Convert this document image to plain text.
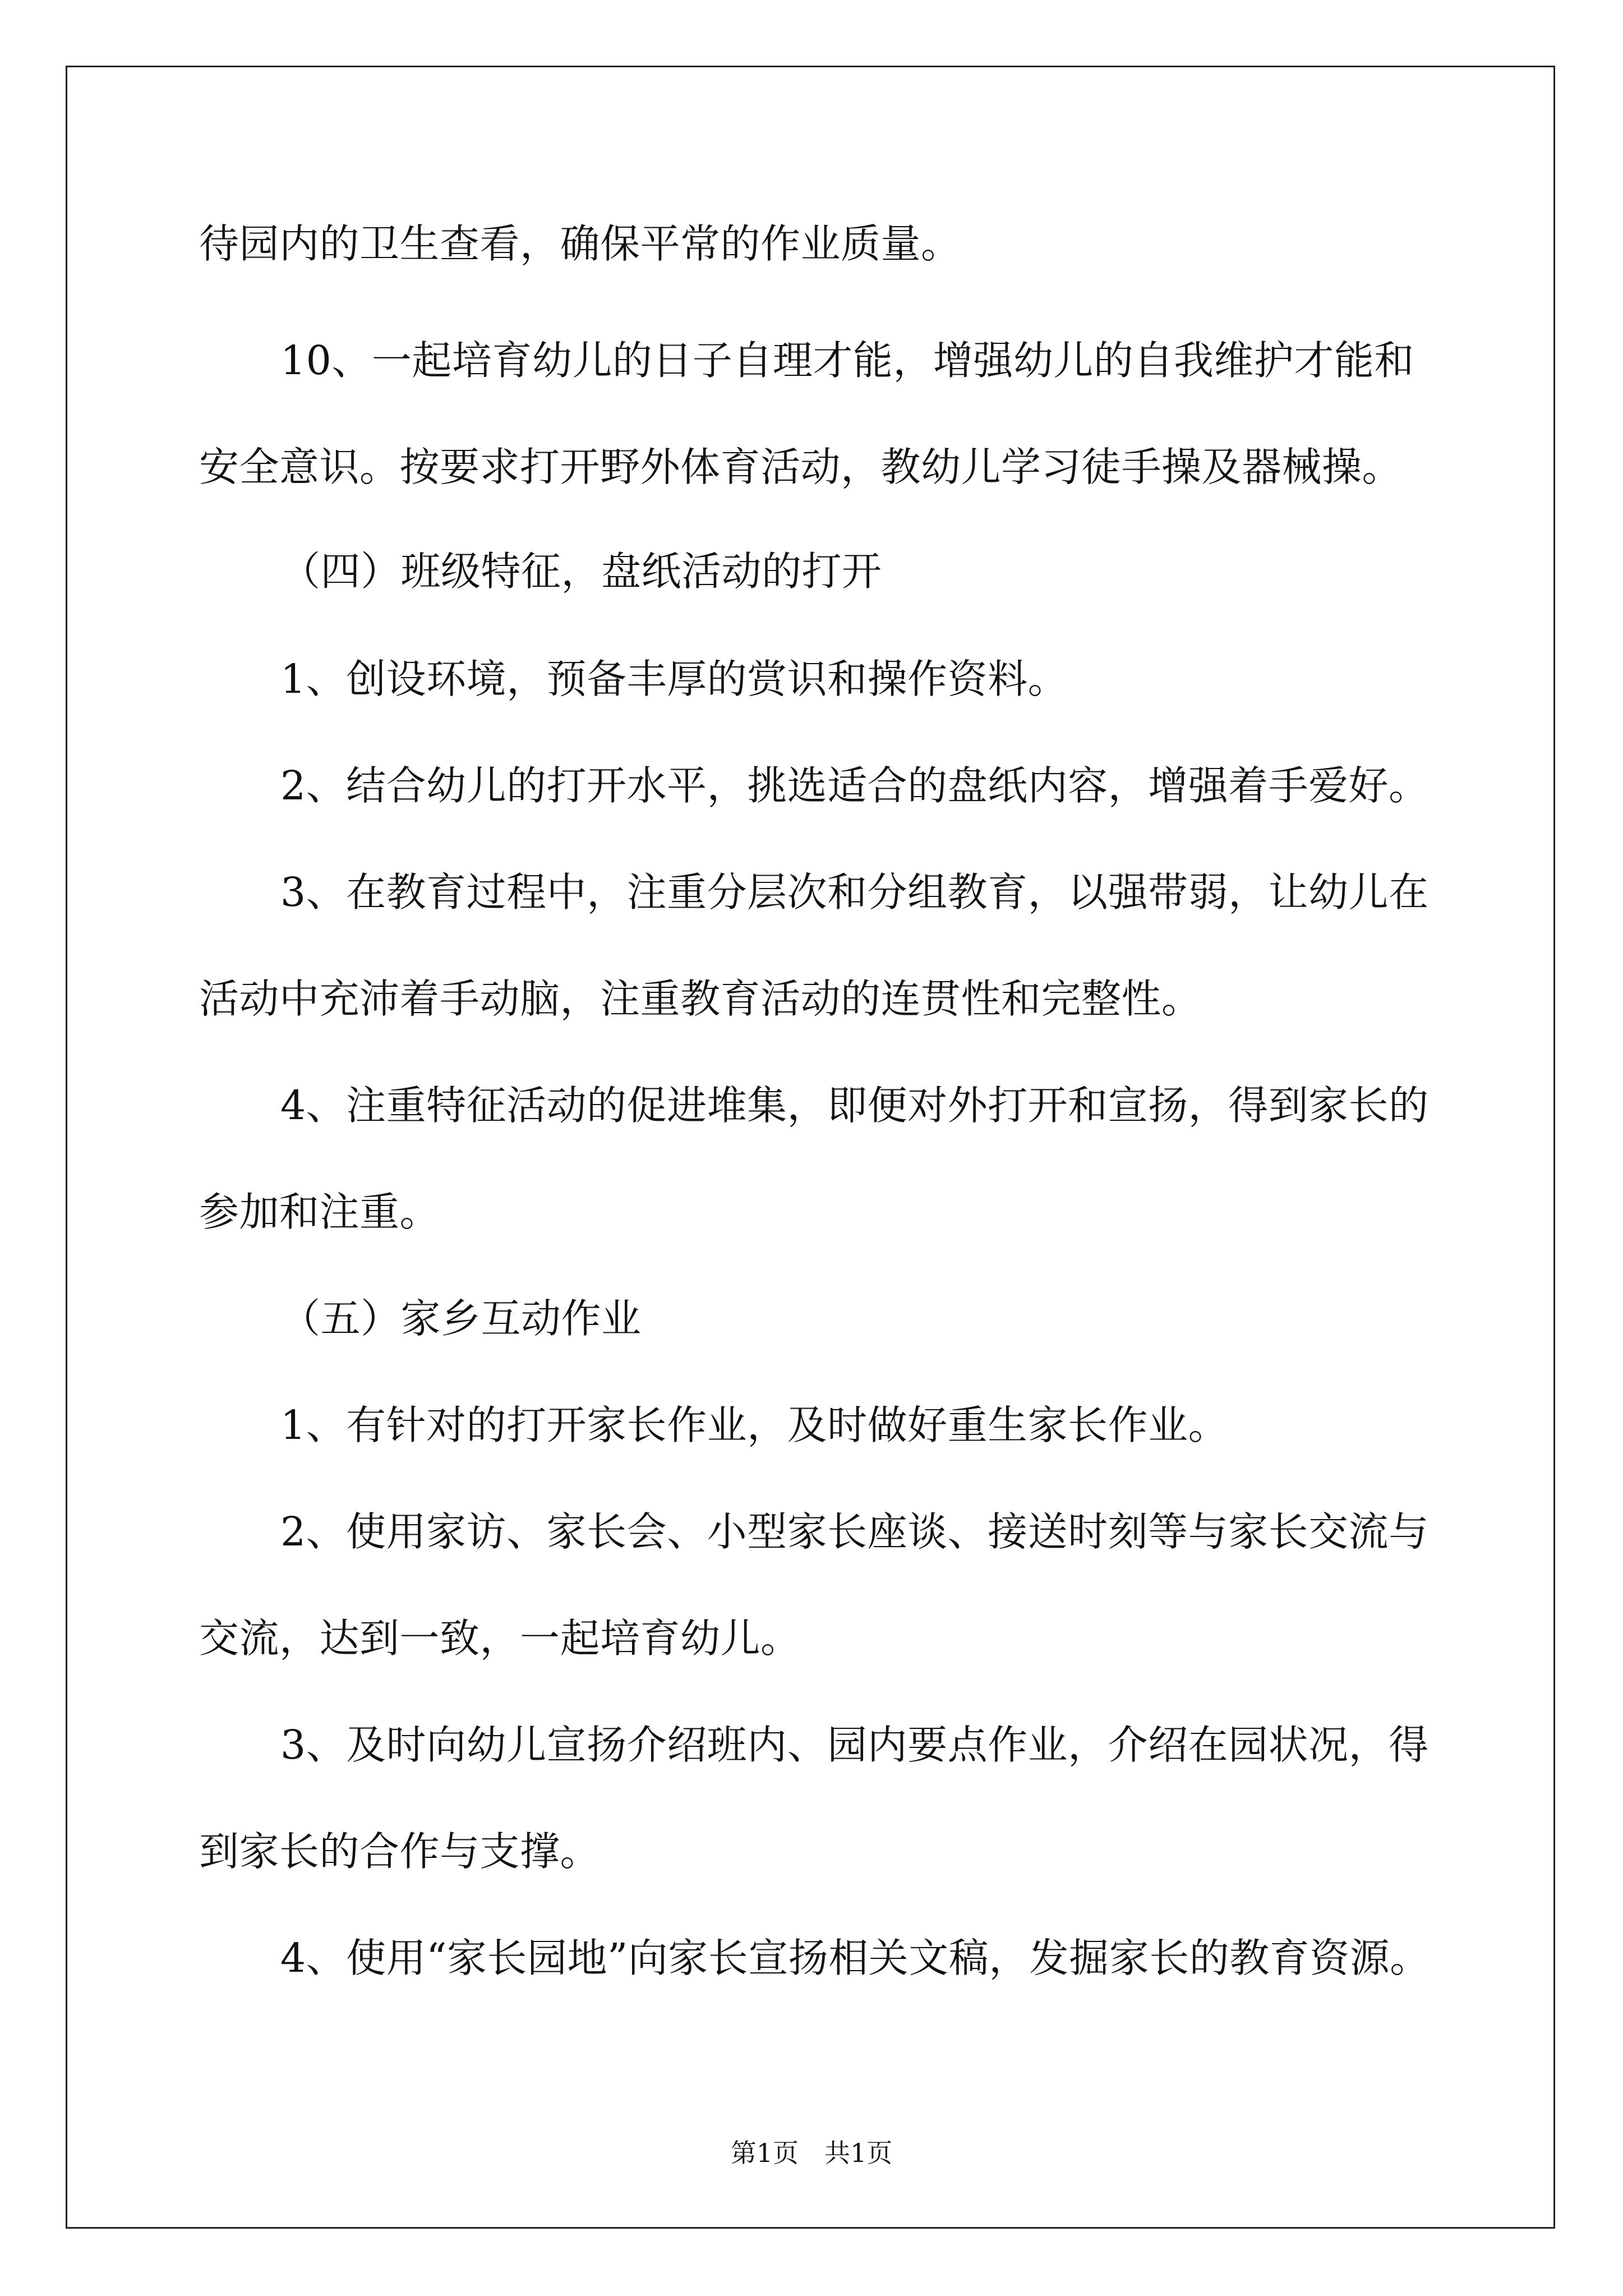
待园内的卫生查看，确保平常的作业质量。
10、一起培育幼儿的日子自理才能，增强幼儿的自我维护才能和
安全意识。按要求打开野外体育活动，教幼儿学习徒手操及器械操。
（四）班级特征，盘纸活动的打开
1、创设环境，预备丰厚的赏识和操作资料。
2、结合幼儿的打开水平，挑选适合的盘纸内容，增强着手爱好。
3、在教育过程中，注重分层次和分组教育，以强带弱，让幼儿在
活动中充沛着手动脑，注重教育活动的连贯性和完整性。
4、注重特征活动的促进堆集，即便对外打开和宣扬，得到家长的
参加和注重。
（五）家乡互动作业
1、有针对的打开家长作业，及时做好重生家长作业。
2、使用家访、家长会、小型家长座谈、接送时刻等与家长交流与
交流，达到一致，一起培育幼儿。
3、及时向幼儿宣扬介绍班内、园内要点作业，介绍在园状况，得
到家长的合作与支撑。
4、使用“家长园地”向家长宣扬相关文稿，发掘家长的教育资源。
第1页　共1页
